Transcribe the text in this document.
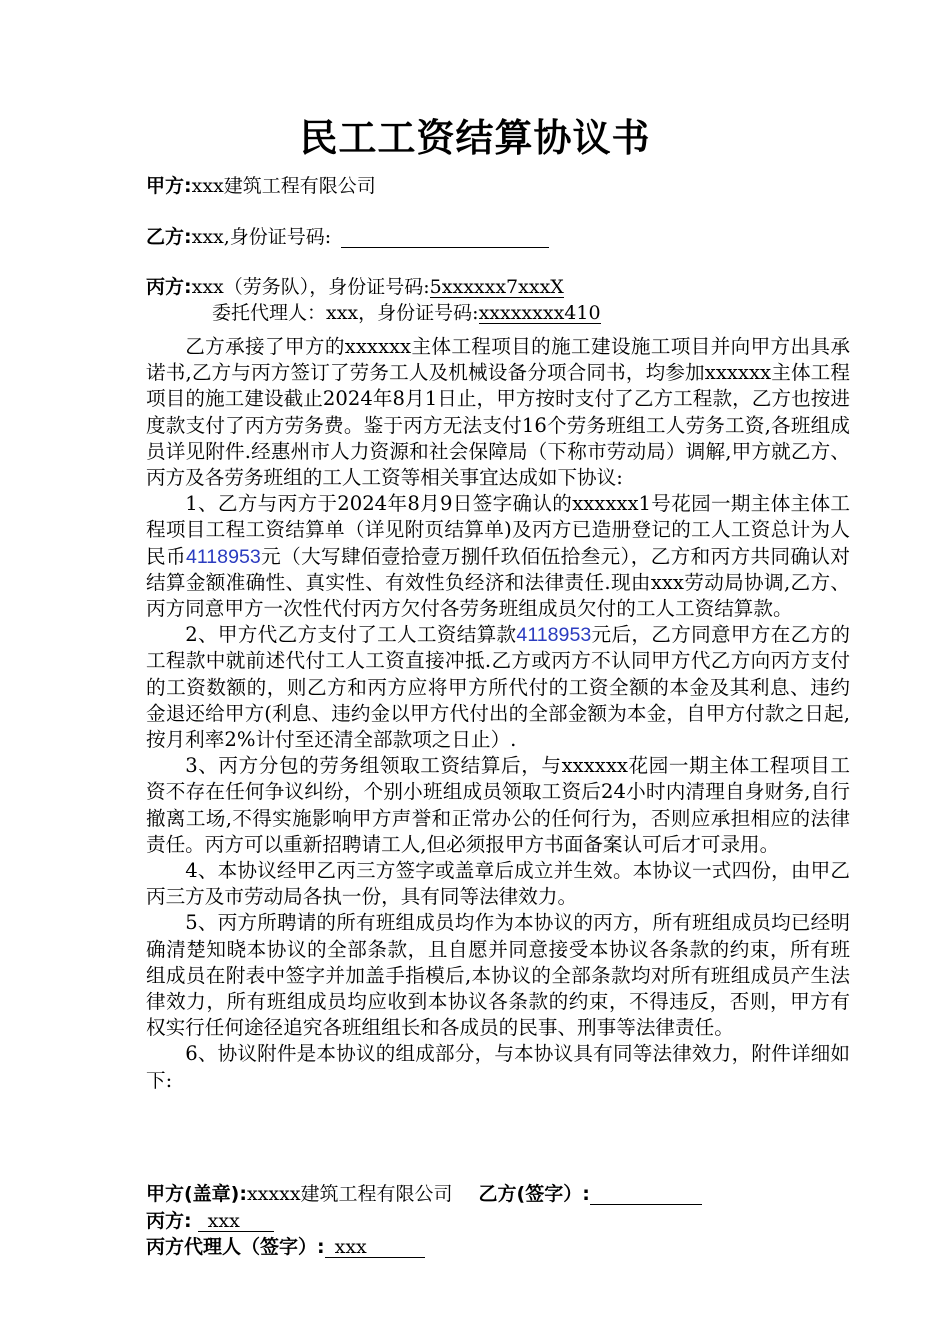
民工工资结算协议书
甲方:xxx建筑工程有限公司
乙方:xxx,身份证号码:
丙方:xxx（劳务队），身份证号码:5xxxxxx7xxxX
委托代理人：xxx，身份证号码:xxxxxxxx410

乙方承接了甲方的xxxxxx主体工程项目的施工建设施工项目并向甲方出具承诺书,乙方与丙方签订了劳务工人及机械设备分项合同书，均参加xxxxxx主体工程项目的施工建设截止2024年8月1日止，甲方按时支付了乙方工程款，乙方也按进度款支付了丙方劳务费。鉴于丙方无法支付16个劳务班组工人劳务工资,各班组成员详见附件.经惠州市人力资源和社会保障局（下称市劳动局）调解,甲方就乙方、丙方及各劳务班组的工人工资等相关事宜达成如下协议:

1、乙方与丙方于2024年8月9日签字确认的xxxxxx1号花园一期主体主体工程项目工程工资结算单（详见附页结算单)及丙方已造册登记的工人工资总计为人民币4118953元（大写肆佰壹拾壹万捌仟玖佰伍拾叁元），乙方和丙方共同确认对结算金额准确性、真实性、有效性负经济和法律责任.现由xxx劳动局协调,乙方、丙方同意甲方一次性代付丙方欠付各劳务班组成员欠付的工人工资结算款。

2、甲方代乙方支付了工人工资结算款4118953元后，乙方同意甲方在乙方的工程款中就前述代付工人工资直接冲抵.乙方或丙方不认同甲方代乙方向丙方支付的工资数额的，则乙方和丙方应将甲方所代付的工资全额的本金及其利息、违约金退还给甲方(利息、违约金以甲方代付出的全部金额为本金，自甲方付款之日起,按月利率2%计付至还清全部款项之日止）.

3、丙方分包的劳务组领取工资结算后，与xxxxxx花园一期主体工程项目工资不存在任何争议纠纷，个别小班组成员领取工资后24小时内清理自身财务,自行撤离工场,不得实施影响甲方声誉和正常办公的任何行为，否则应承担相应的法律责任。丙方可以重新招聘请工人,但必须报甲方书面备案认可后才可录用。

4、本协议经甲乙丙三方签字或盖章后成立并生效。本协议一式四份，由甲乙丙三方及市劳动局各执一份，具有同等法律效力。

5、丙方所聘请的所有班组成员均作为本协议的丙方，所有班组成员均已经明确清楚知晓本协议的全部条款，且自愿并同意接受本协议各条款的约束，所有班组成员在附表中签字并加盖手指模后,本协议的全部条款均对所有班组成员产生法律效力，所有班组成员均应收到本协议各条款的约束，不得违反，否则，甲方有权实行任何途径追究各班组组长和各成员的民事、刑事等法律责任。

6、协议附件是本协议的组成部分，与本协议具有同等法律效力，附件详细如下:

甲方(盖章):xxxxx建筑工程有限公司 乙方(签字）:
丙方: xxx
丙方代理人（签字）: xxx
